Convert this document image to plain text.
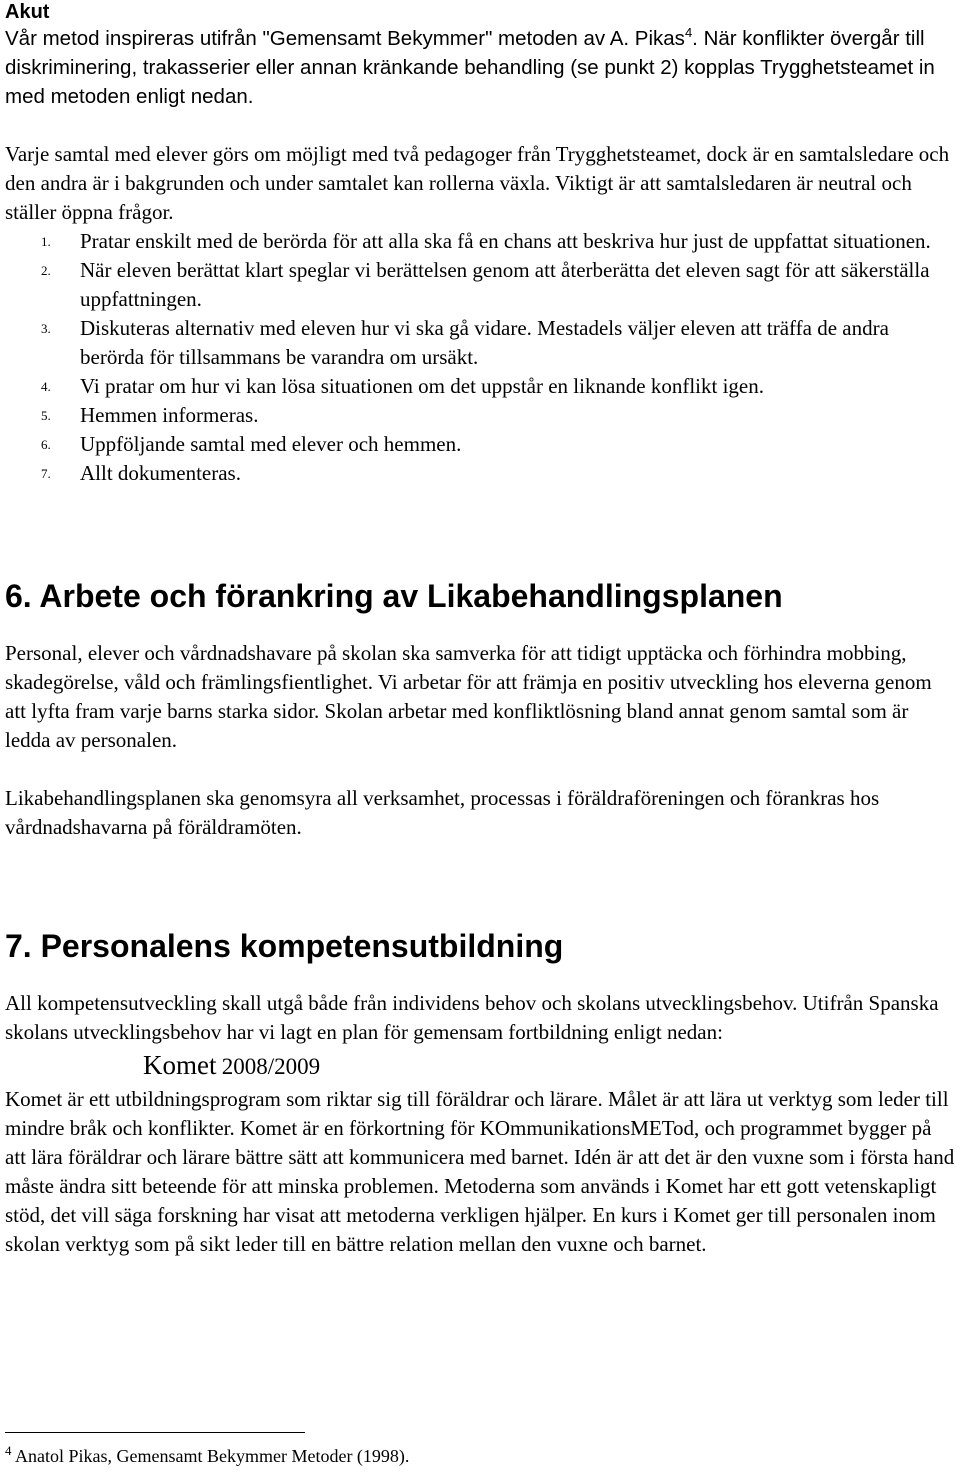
Akut

Vår metod inspireras utifrån "Gemensamt Bekymmer" metoden av A. Pikas$^4$. När konflikter övergår till diskriminering, trakasserier eller annan kränkande behandling (se punkt 2) kopplas Trygghetsteamet in med metoden enligt nedan.

Varje samtal med elever görs om möjligt med två pedagoger från Trygghetsteamet, dock är en samtalsledare och den andra är i bakgrunden och under samtalet kan rollerna växla. Viktigt är att samtalsledaren är neutral och ställer öppna frågor.

1. Pratar enskilt med de berörda för att alla ska få en chans att beskriva hur just de uppfattat situationen.
2. När eleven berättat klart speglar vi berättelsen genom att återberätta det eleven sagt för att säkerställa uppfattningen.
3. Diskuteras alternativ med eleven hur vi ska gå vidare. Mestadels väljer eleven att träffa de andra berörda för tillsammans be varandra om ursäkt.
4. Vi pratar om hur vi kan lösa situationen om det uppstår en liknande konflikt igen.
5. Hemmen informeras.
6. Uppföljande samtal med elever och hemmen.
7. Allt dokumenteras.
6. Arbete och förankring av Likabehandlingsplanen

Personal, elever och vårdnadshavare på skolan ska samverka för att tidigt upptäcka och förhindra mobbing, skadegörelse, våld och främlingsfientlighet. Vi arbetar för att främja en positiv utveckling hos eleverna genom att lyfta fram varje barns starka sidor. Skolan arbetar med konfliktlösning bland annat genom samtal som är ledda av personalen.

Likabehandlingsplanen ska genomsyra all verksamhet, processas i föräldraföreningen och förankras hos vårdnadshavarna på föräldramöten.

7. Personalens kompetensutbildning

All kompetensutveckling skall utgå både från individens behov och skolans utvecklingsbehov. Utifrån Spanska skolans utvecklingsbehov har vi lagt en plan för gemensam fortbildning enligt nedan:

Komet 2008/2009

Komet är ett utbildningsprogram som riktar sig till föräldrar och lärare. Målet är att lära ut verktyg som leder till mindre bråk och konflikter. Komet är en förkortning för KOmmunikationsMETod, och programmet bygger på att lära föräldrar och lärare bättre sätt att kommunicera med barnet. Idén är att det är den vuxne som i första hand måste ändra sitt beteende för att minska problemen. Metoderna som används i Komet har ett gott vetenskapligt stöd, det vill säga forskning har visat att metoderna verkligen hjälper. En kurs i Komet ger till personalen inom skolan verktyg som på sikt leder till en bättre relation mellan den vuxne och barnet.

$^4$ Anatol Pikas, Gemensamt Bekymmer Metoder (1998).
